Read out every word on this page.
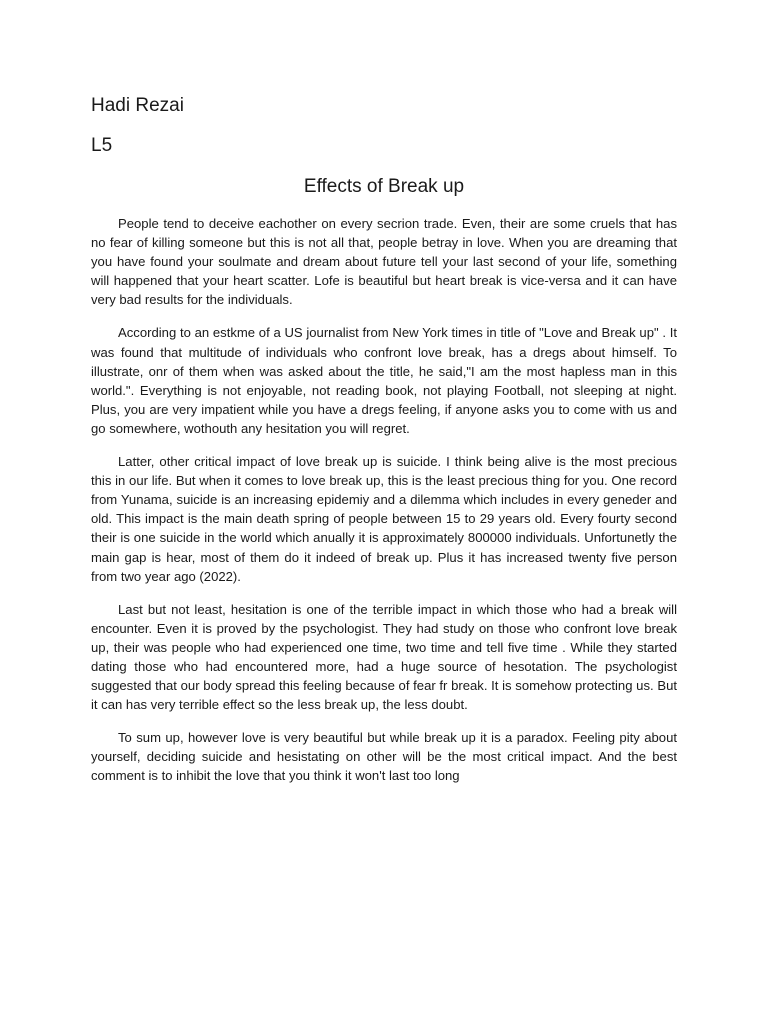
Hadi Rezai
L5
Effects of Break up

People tend to deceive eachother on every secrion trade. Even, their are some cruels that has no fear of killing someone but this is not all that, people betray in love. When you are dreaming that you have found your soulmate and dream about future tell your last second of your life, something will happened that your heart scatter. Lofe is beautiful but heart break is vice-versa and it can have very bad results for the individuals.

According to an estkme of a US journalist from New York times in title of "Love and Break up" . It was found that multitude of individuals who confront love break, has a dregs about himself. To illustrate, onr of them when was asked about the title, he said,"I am the most hapless man in this world.". Everything is not enjoyable, not reading book, not playing Football, not sleeping at night. Plus, you are very impatient while you have a dregs feeling, if anyone asks you to come with us and go somewhere, wothouth any hesitation you will regret.

Latter, other critical impact of love break up is suicide. I think being alive is the most precious this in our life. But when it comes to love break up, this is the least precious thing for you. One record from Yunama, suicide is an increasing epidemiy and a dilemma which includes in every geneder and old. This impact is the main death spring of people between 15 to 29 years old. Every fourty second their is one suicide in the world which anually it is approximately 800000 individuals. Unfortunetly the main gap is hear, most of them do it indeed of break up. Plus it has increased twenty five person from two year ago (2022).

Last but not least, hesitation is one of the terrible impact in which those who had a break will encounter. Even it is proved by the psychologist. They had study on those who confront love break up, their was people who had experienced one time, two time and tell five time . While they started dating those who had encountered more, had a huge source of hesotation. The psychologist suggested that our body spread this feeling because of fear fr break. It is somehow protecting us. But it can has very terrible effect so the less break up, the less doubt.

To sum up, however love is very beautiful but while break up it is a paradox. Feeling pity about yourself, deciding suicide and hesistating on other will be the most critical impact. And the best comment is to inhibit the love that you think it won't last too long
